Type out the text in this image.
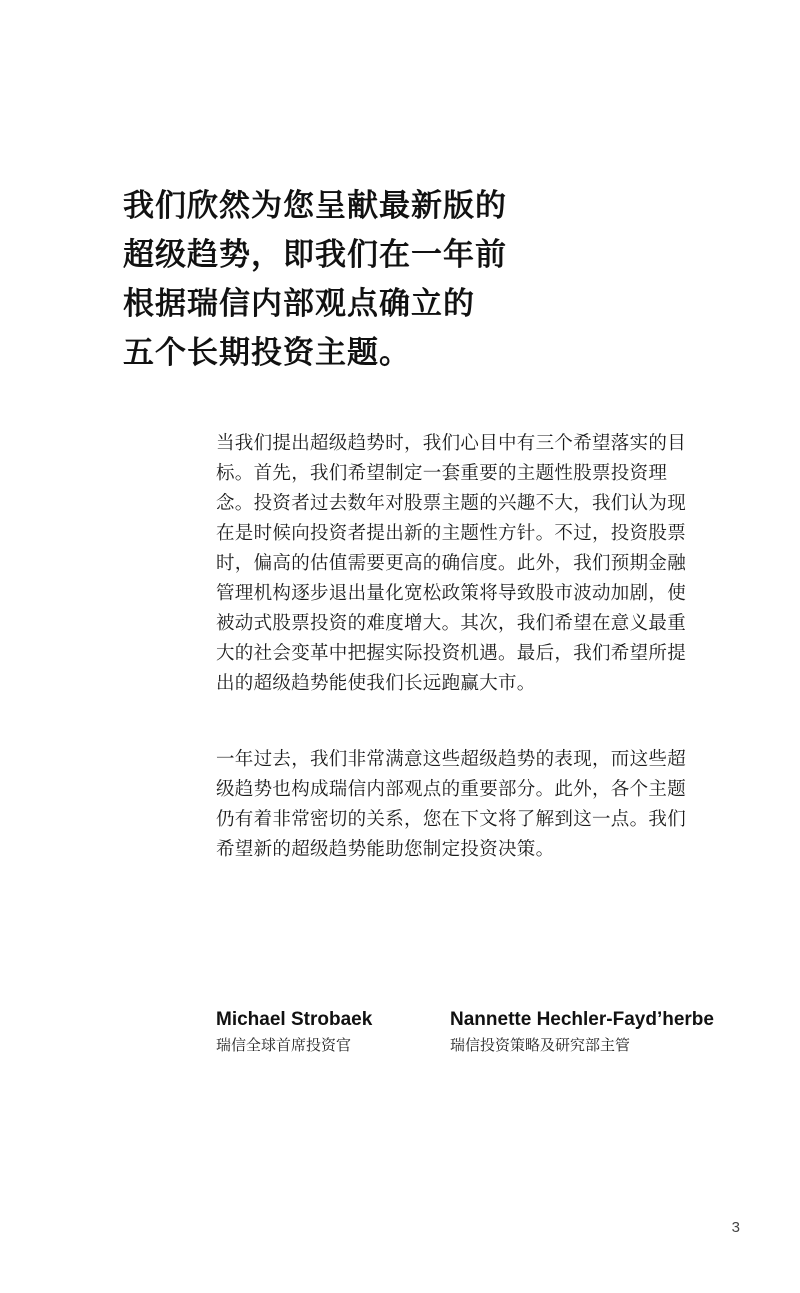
我们欣然为您呈献最新版的
超级趋势，即我们在一年前
根据瑞信内部观点确立的
五个长期投资主题。

当我们提出超级趋势时，我们心目中有三个希望落实的目
标。首先，我们希望制定一套重要的主题性股票投资理
念。投资者过去数年对股票主题的兴趣不大，我们认为现
在是时候向投资者提出新的主题性方针。不过，投资股票
时，偏高的估值需要更高的确信度。此外，我们预期金融
管理机构逐步退出量化宽松政策将导致股市波动加剧，使
被动式股票投资的难度增大。其次，我们希望在意义最重
大的社会变革中把握实际投资机遇。最后，我们希望所提
出的超级趋势能使我们长远跑赢大市。

一年过去，我们非常满意这些超级趋势的表现，而这些超
级趋势也构成瑞信内部观点的重要部分。此外，各个主题
仍有着非常密切的关系，您在下文将了解到这一点。我们
希望新的超级趋势能助您制定投资决策。

Michael Strobaek
瑞信全球首席投资官
Nannette Hechler-Fayd’herbe
瑞信投资策略及研究部主管
3
